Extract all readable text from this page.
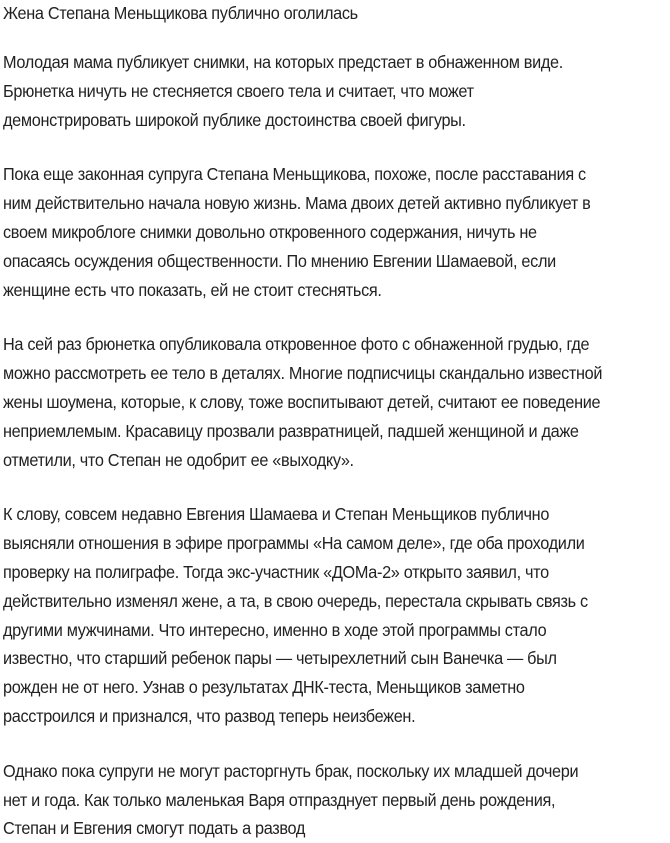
Жена Степана Меньщикова публично оголилась

Молодая мама публикует снимки, на которых предстает в обнаженном виде.
Брюнетка ничуть не стесняется своего тела и считает, что может
демонстрировать широкой публике достоинства своей фигуры.

Пока еще законная супруга Степана Меньщикова, похоже, после расставания с
ним действительно начала новую жизнь. Мама двоих детей активно публикует в
своем микроблоге снимки довольно откровенного содержания, ничуть не
опасаясь осуждения общественности. По мнению Евгении Шамаевой, если
женщине есть что показать, ей не стоит стесняться.

На сей раз брюнетка опубликовала откровенное фото с обнаженной грудью, где
можно рассмотреть ее тело в деталях. Многие подписчицы скандально известной
жены шоумена, которые, к слову, тоже воспитывают детей, считают ее поведение
неприемлемым. Красавицу прозвали развратницей, падшей женщиной и даже
отметили, что Степан не одобрит ее «выходку».

К слову, совсем недавно Евгения Шамаева и Степан Меньщиков публично
выясняли отношения в эфире программы «На самом деле», где оба проходили
проверку на полиграфе. Тогда экс-участник «ДОМа-2» открыто заявил, что
действительно изменял жене, а та, в свою очередь, перестала скрывать связь с
другими мужчинами. Что интересно, именно в ходе этой программы стало
известно, что старший ребенок пары — четырехлетний сын Ванечка — был
рожден не от него. Узнав о результатах ДНК-теста, Меньщиков заметно
расстроился и признался, что развод теперь неизбежен.

Однако пока супруги не могут расторгнуть брак, поскольку их младшей дочери
нет и года. Как только маленькая Варя отпразднует первый день рождения,
Степан и Евгения смогут подать а развод
